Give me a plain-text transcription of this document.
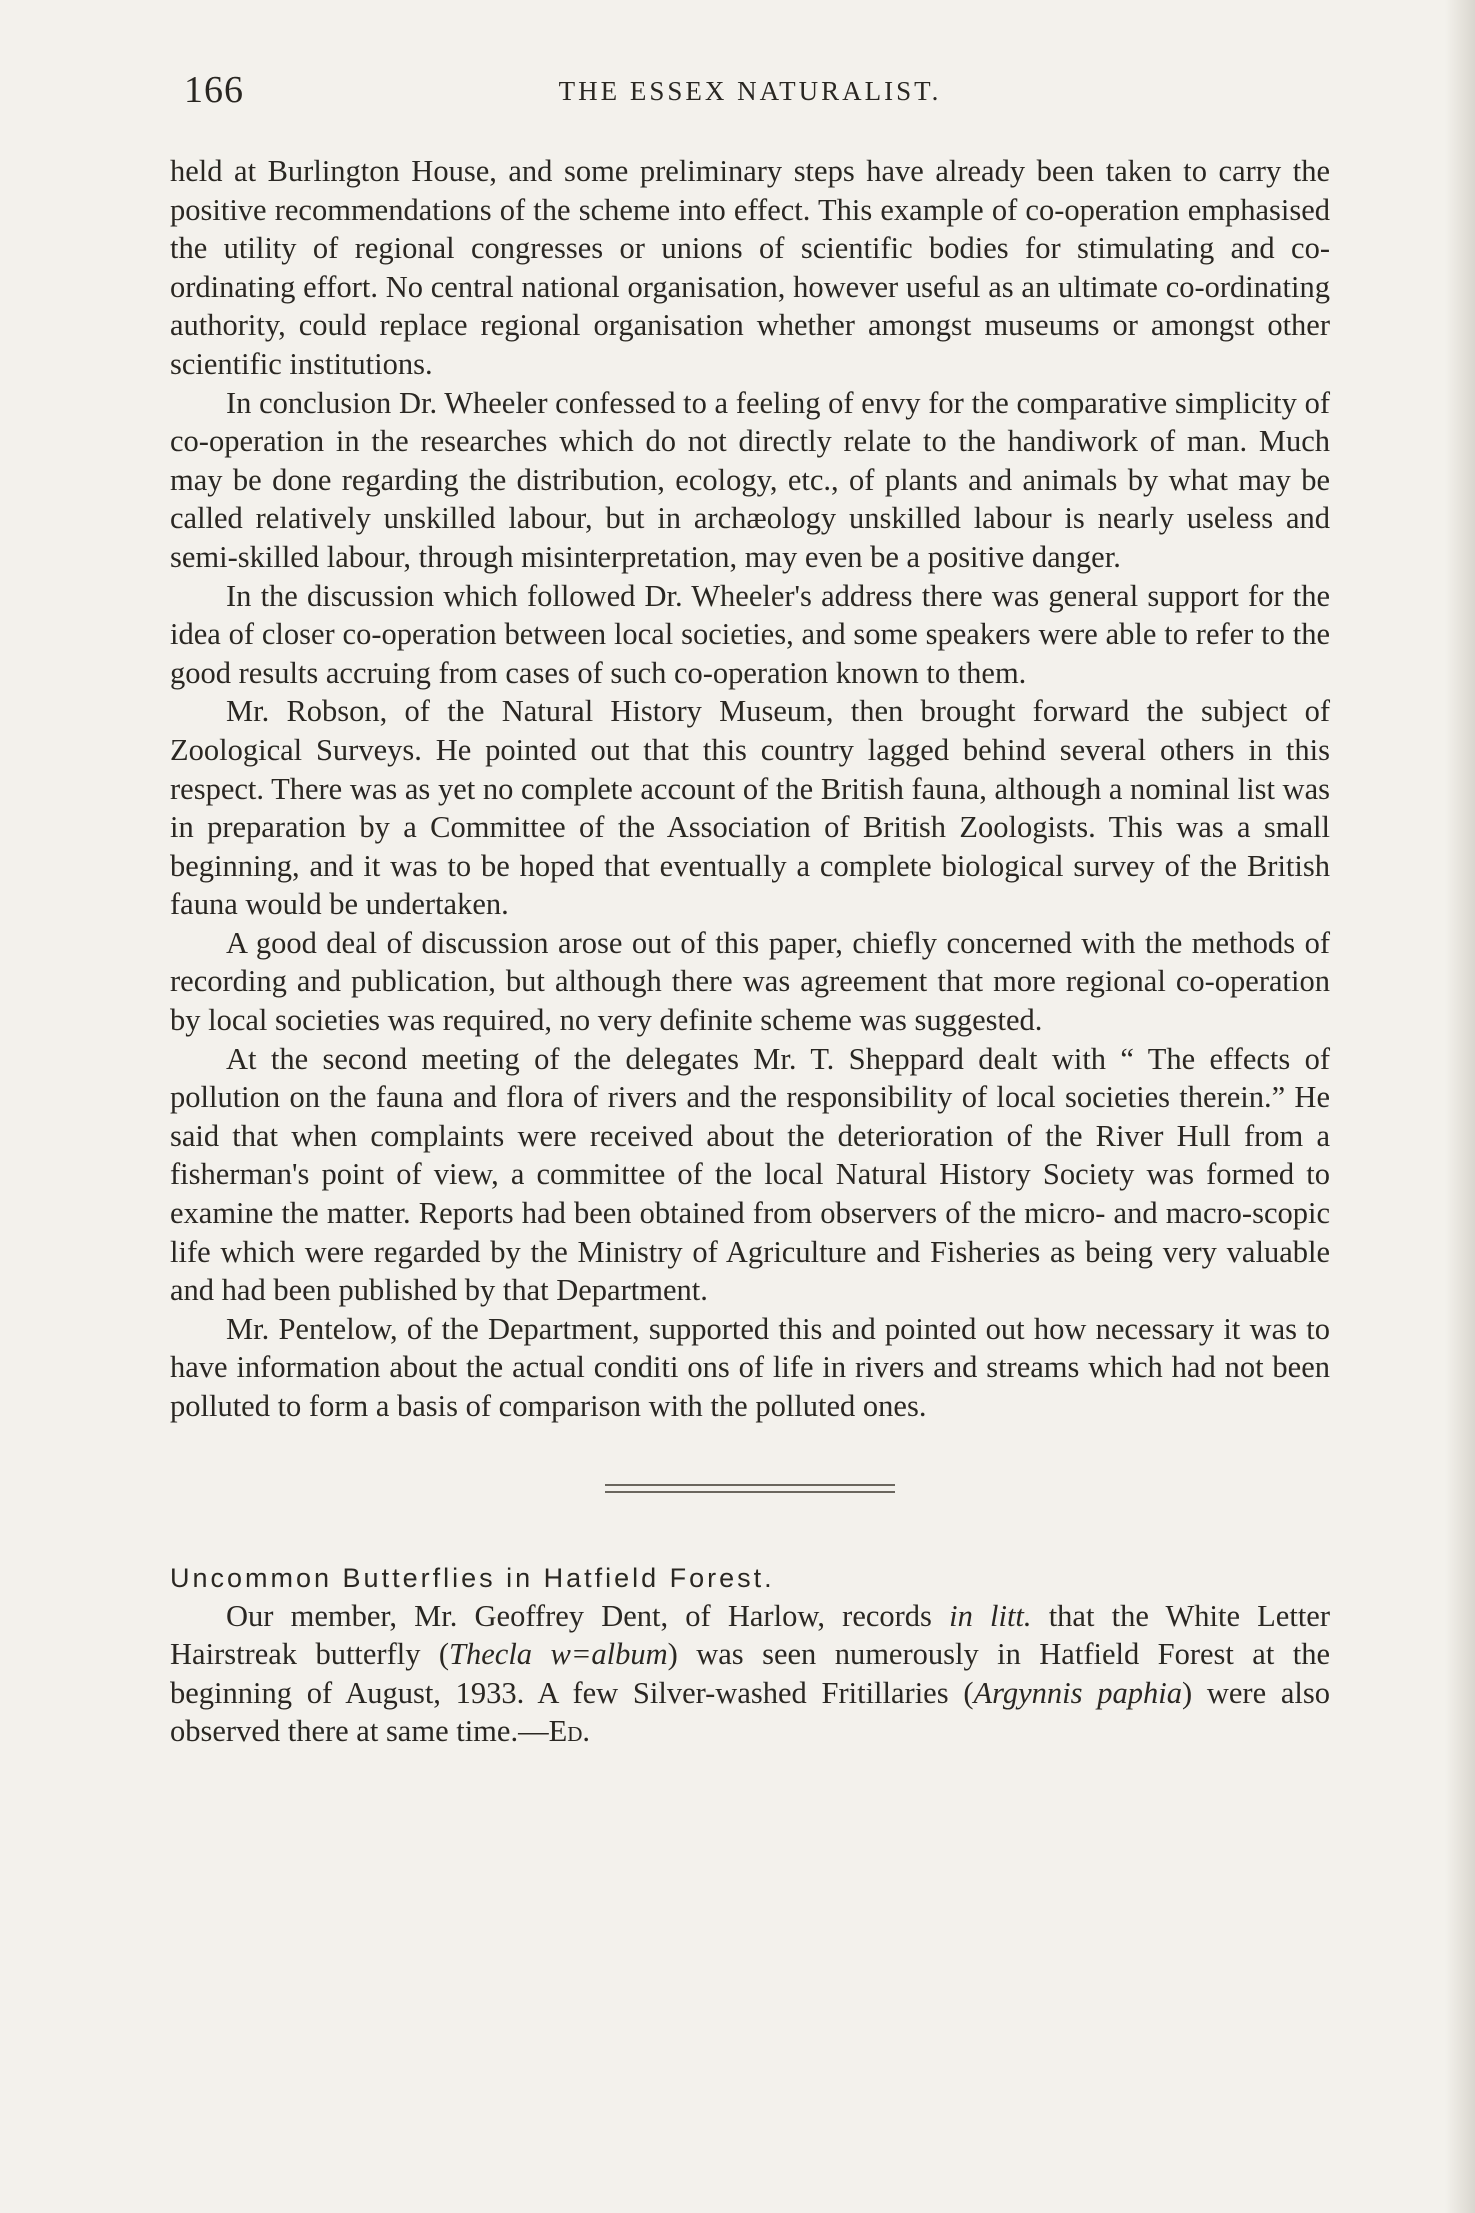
166	THE ESSEX NATURALIST.

held at Burlington House, and some preliminary steps have already been taken to carry the positive recommendations of the scheme into effect. This example of co-operation emphasised the utility of regional congresses or unions of scientific bodies for stimulating and co-ordinating effort. No central national organisation, however useful as an ultimate co-ordinating authority, could replace regional organisation whether amongst museums or amongst other scientific institutions.

In conclusion Dr. Wheeler confessed to a feeling of envy for the comparative simplicity of co-operation in the researches which do not directly relate to the handiwork of man. Much may be done regarding the distribution, ecology, etc., of plants and animals by what may be called relatively unskilled labour, but in archæology unskilled labour is nearly useless and semi-skilled labour, through misinterpretation, may even be a positive danger.

In the discussion which followed Dr. Wheeler's address there was general support for the idea of closer co-operation between local societies, and some speakers were able to refer to the good results accruing from cases of such co-operation known to them.

Mr. Robson, of the Natural History Museum, then brought forward the subject of Zoological Surveys. He pointed out that this country lagged behind several others in this respect. There was as yet no complete account of the British fauna, although a nominal list was in preparation by a Committee of the Association of British Zoologists. This was a small beginning, and it was to be hoped that eventually a complete biological survey of the British fauna would be undertaken.

A good deal of discussion arose out of this paper, chiefly concerned with the methods of recording and publication, but although there was agreement that more regional co-operation by local societies was required, no very definite scheme was suggested.

At the second meeting of the delegates Mr. T. Sheppard dealt with “ The effects of pollution on the fauna and flora of rivers and the responsibility of local societies therein.” He said that when complaints were received about the deterioration of the River Hull from a fisherman's point of view, a committee of the local Natural History Society was formed to examine the matter. Reports had been obtained from observers of the micro- and macro-scopic life which were regarded by the Ministry of Agriculture and Fisheries as being very valuable and had been published by that Department.

Mr. Pentelow, of the Department, supported this and pointed out how necessary it was to have information about the actual conditi ons of life in rivers and streams which had not been polluted to form a basis of comparison with the polluted ones.

Uncommon Butterflies in Hatfield Forest.

Our member, Mr. Geoffrey Dent, of Harlow, records in litt. that the White Letter Hairstreak butterfly (Thecla w=album) was seen numerously in Hatfield Forest at the beginning of August, 1933. A few Silver-washed Fritillaries (Argynnis paphia) were also observed there at same time.—Ed.
